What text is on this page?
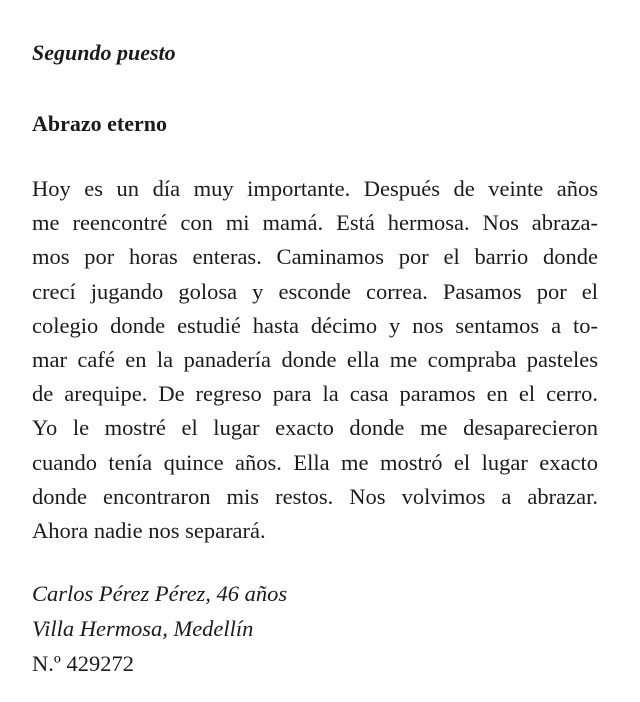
Segundo puesto
Abrazo eterno
Hoy es un día muy importante. Después de veinte años
me reencontré con mi mamá. Está hermosa. Nos abraza-
mos por horas enteras. Caminamos por el barrio donde
crecí jugando golosa y esconde correa. Pasamos por el
colegio donde estudié hasta décimo y nos sentamos a to-
mar café en la panadería donde ella me compraba pasteles
de arequipe. De regreso para la casa paramos en el cerro.
Yo le mostré el lugar exacto donde me desaparecieron
cuando tenía quince años. Ella me mostró el lugar exacto
donde encontraron mis restos. Nos volvimos a abrazar.
Ahora nadie nos separará.
Carlos Pérez Pérez, 46 años
Villa Hermosa, Medellín
N.º 429272
